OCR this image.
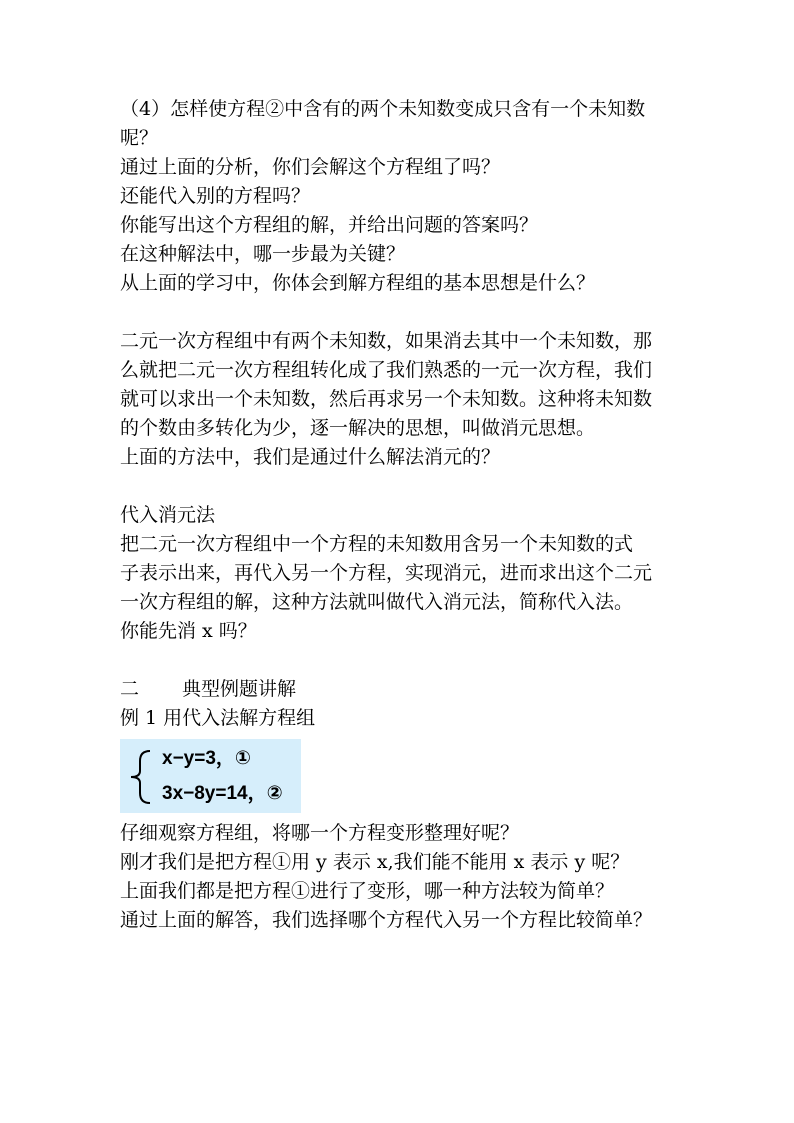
（4）怎样使方程②中含有的两个未知数变成只含有一个未知数

呢？

通过上面的分析，你们会解这个方程组了吗？

还能代入别的方程吗？

你能写出这个方程组的解，并给出问题的答案吗？

在这种解法中，哪一步最为关键？

从上面的学习中，你体会到解方程组的基本思想是什么？

二元一次方程组中有两个未知数，如果消去其中一个未知数，那

么就把二元一次方程组转化成了我们熟悉的一元一次方程，我们

就可以求出一个未知数，然后再求另一个未知数。这种将未知数

的个数由多转化为少，逐一解决的思想，叫做消元思想。

上面的方法中，我们是通过什么解法消元的？

代入消元法

把二元一次方程组中一个方程的未知数用含另一个未知数的式

子表示出来，再代入另一个方程，实现消元，进而求出这个二元

一次方程组的解，这种方法就叫做代入消元法，简称代入法。

你能先消 x 吗？

二 典型例题讲解

例 1 用代入法解方程组

x−y=3，①
3x−8y=14，②

仔细观察方程组，将哪一个方程变形整理好呢？

刚才我们是把方程①用 y 表示 x,我们能不能用 x 表示 y 呢？

上面我们都是把方程①进行了变形，哪一种方法较为简单？

通过上面的解答，我们选择哪个方程代入另一个方程比较简单？
